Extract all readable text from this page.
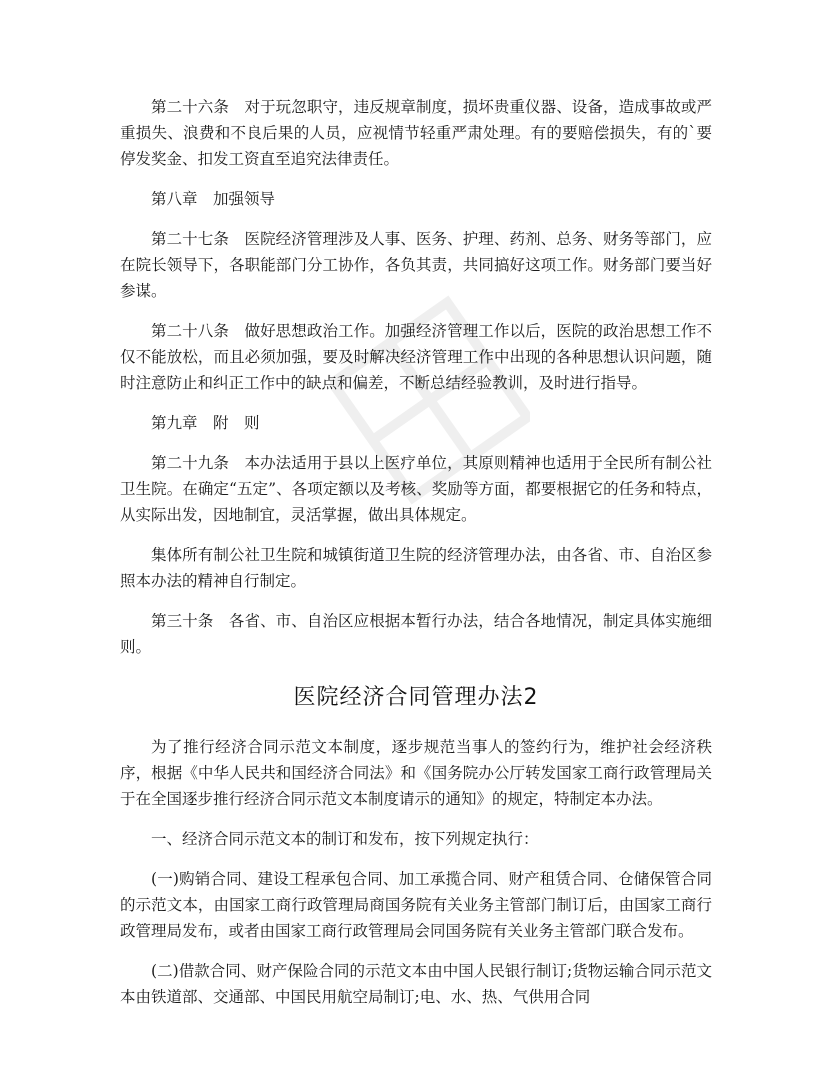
第二十六条　对于玩忽职守，违反规章制度，损坏贵重仪器、设备，造成事故或严重损失、浪费和不良后果的人员，应视情节轻重严肃处理。有的要赔偿损失，有的`要停发奖金、扣发工资直至追究法律责任。

第八章　加强领导

第二十七条　医院经济管理涉及人事、医务、护理、药剂、总务、财务等部门，应在院长领导下，各职能部门分工协作，各负其责，共同搞好这项工作。财务部门要当好参谋。

第二十八条　做好思想政治工作。加强经济管理工作以后，医院的政治思想工作不仅不能放松，而且必须加强，要及时解决经济管理工作中出现的各种思想认识问题，随时注意防止和纠正工作中的缺点和偏差，不断总结经验教训，及时进行指导。

第九章　附　则

第二十九条　本办法适用于县以上医疗单位，其原则精神也适用于全民所有制公社卫生院。在确定“五定”、各项定额以及考核、奖励等方面，都要根据它的任务和特点，从实际出发，因地制宜，灵活掌握，做出具体规定。

集体所有制公社卫生院和城镇街道卫生院的经济管理办法，由各省、市、自治区参照本办法的精神自行制定。

第三十条　各省、市、自治区应根据本暂行办法，结合各地情况，制定具体实施细则。

医院经济合同管理办法2

为了推行经济合同示范文本制度，逐步规范当事人的签约行为，维护社会经济秩序，根据《中华人民共和国经济合同法》和《国务院办公厅转发国家工商行政管理局关于在全国逐步推行经济合同示范文本制度请示的通知》的规定，特制定本办法。

一、经济合同示范文本的制订和发布，按下列规定执行：

(一)购销合同、建设工程承包合同、加工承揽合同、财产租赁合同、仓储保管合同的示范文本，由国家工商行政管理局商国务院有关业务主管部门制订后，由国家工商行政管理局发布，或者由国家工商行政管理局会同国务院有关业务主管部门联合发布。

(二)借款合同、财产保险合同的示范文本由中国人民银行制订;货物运输合同示范文本由铁道部、交通部、中国民用航空局制订;电、水、热、气供用合同
